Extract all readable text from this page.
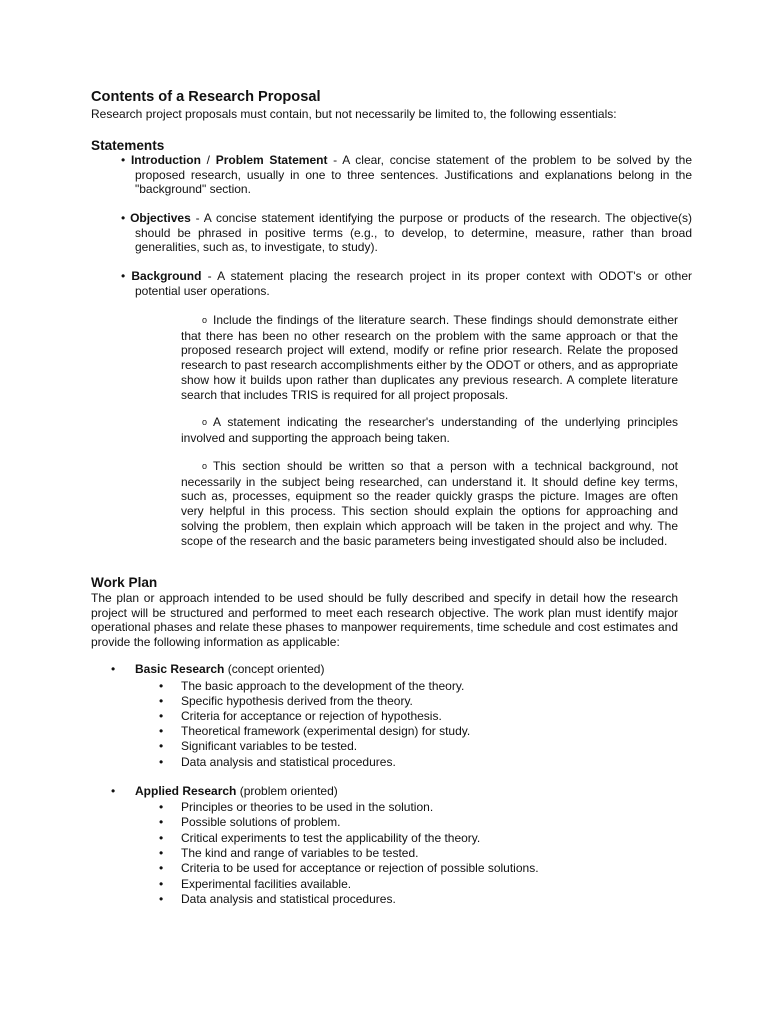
Contents of a Research Proposal
Research project proposals must contain, but not necessarily be limited to, the following essentials:
Statements
• Introduction / Problem Statement - A clear, concise statement of the problem to be solved by the proposed research, usually in one to three sentences. Justifications and explanations belong in the "background" section.
• Objectives - A concise statement identifying the purpose or products of the research. The objective(s) should be phrased in positive terms (e.g., to develop, to determine, measure, rather than broad generalities, such as, to investigate, to study).
• Background - A statement placing the research project in its proper context with ODOT's or other potential user operations.
o Include the findings of the literature search. These findings should demonstrate either that there has been no other research on the problem with the same approach or that the proposed research project will extend, modify or refine prior research. Relate the proposed research to past research accomplishments either by the ODOT or others, and as appropriate show how it builds upon rather than duplicates any previous research. A complete literature search that includes TRIS is required for all project proposals.
o A statement indicating the researcher's understanding of the underlying principles involved and supporting the approach being taken.
o This section should be written so that a person with a technical background, not necessarily in the subject being researched, can understand it. It should define key terms, such as, processes, equipment so the reader quickly grasps the picture. Images are often very helpful in this process. This section should explain the options for approaching and solving the problem, then explain which approach will be taken in the project and why. The scope of the research and the basic parameters being investigated should also be included.
Work Plan
The plan or approach intended to be used should be fully described and specify in detail how the research project will be structured and performed to meet each research objective. The work plan must identify major operational phases and relate these phases to manpower requirements, time schedule and cost estimates and provide the following information as applicable:
•	Basic Research (concept oriented)
• The basic approach to the development of the theory.
• Specific hypothesis derived from the theory.
• Criteria for acceptance or rejection of hypothesis.
• Theoretical framework (experimental design) for study.
• Significant variables to be tested.
• Data analysis and statistical procedures.
•	Applied Research (problem oriented)
• Principles or theories to be used in the solution.
• Possible solutions of problem.
• Critical experiments to test the applicability of the theory.
• The kind and range of variables to be tested.
• Criteria to be used for acceptance or rejection of possible solutions.
• Experimental facilities available.
• Data analysis and statistical procedures.
